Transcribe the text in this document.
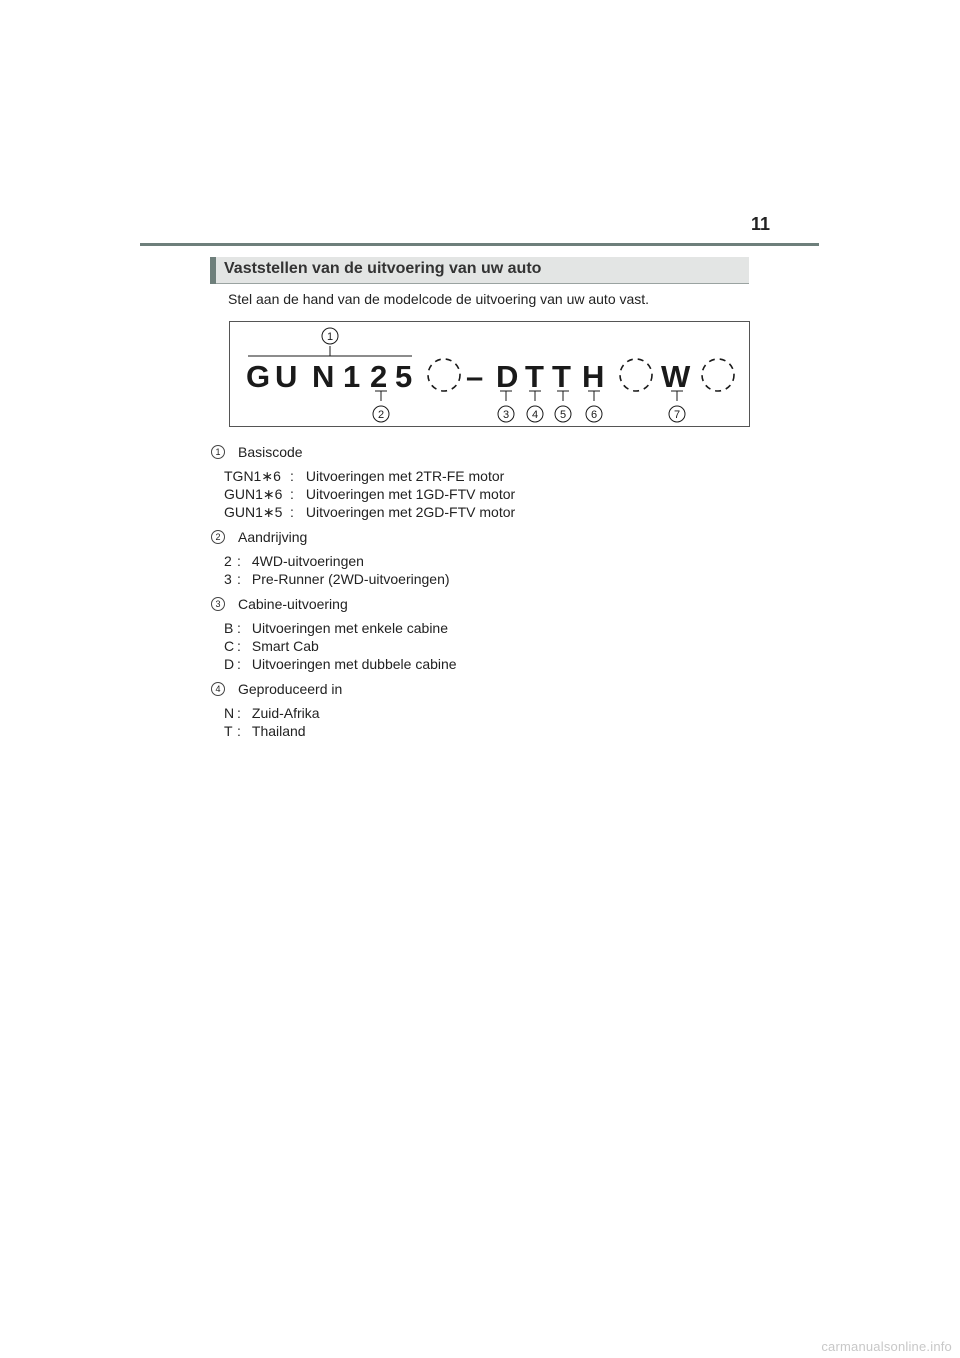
11
Vaststellen van de uitvoering van uw auto
Stel aan de hand van de modelcode de uitvoering van uw auto vast.
G U N 1 2 5 – D T T H W
1
2	3 4 5 6	7
1	Basiscode
TGN1∗6 : Uitvoeringen met 2TR-FE motor
GUN1∗6 : Uitvoeringen met 1GD-FTV motor
GUN1∗5 : Uitvoeringen met 2GD-FTV motor
2	Aandrijving
2 : 4WD-uitvoeringen
3 : Pre-Runner (2WD-uitvoeringen)
3	Cabine-uitvoering
B : Uitvoeringen met enkele cabine
C : Smart Cab
D : Uitvoeringen met dubbele cabine
4	Geproduceerd in
N : Zuid-Afrika
T : Thailand
carmanualsonline.info
